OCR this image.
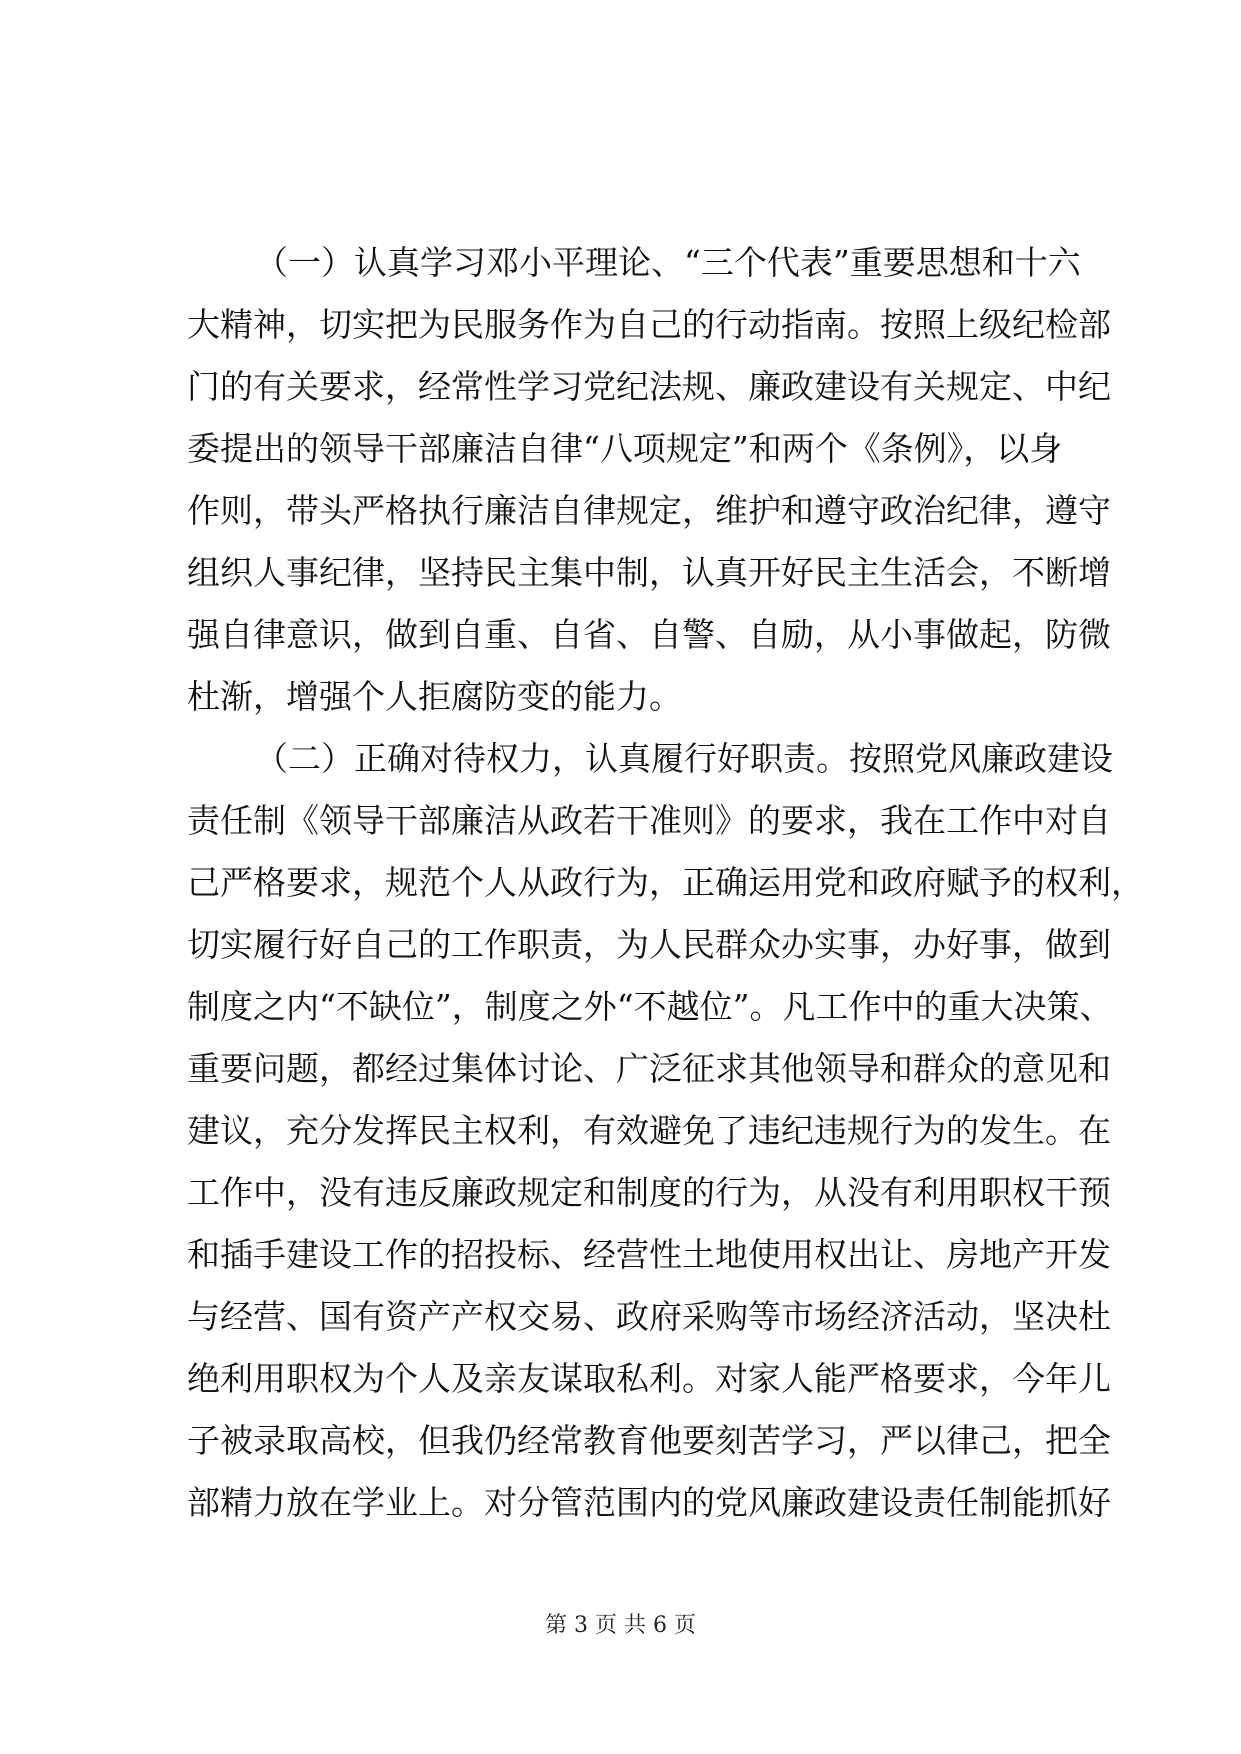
（一）认真学习邓小平理论、“三个代表”重要思想和十六
大精神，切实把为民服务作为自己的行动指南。按照上级纪检部
门的有关要求，经常性学习党纪法规、廉政建设有关规定、中纪
委提出的领导干部廉洁自律“八项规定”和两个《条例》，以身
作则，带头严格执行廉洁自律规定，维护和遵守政治纪律，遵守
组织人事纪律，坚持民主集中制，认真开好民主生活会，不断增
强自律意识，做到自重、自省、自警、自励，从小事做起，防微
杜渐，增强个人拒腐防变的能力。
（二）正确对待权力，认真履行好职责。按照党风廉政建设
责任制《领导干部廉洁从政若干准则》的要求，我在工作中对自
己严格要求，规范个人从政行为，正确运用党和政府赋予的权利，
切实履行好自己的工作职责，为人民群众办实事，办好事，做到
制度之内“不缺位”，制度之外“不越位”。凡工作中的重大决策、
重要问题，都经过集体讨论、广泛征求其他领导和群众的意见和
建议，充分发挥民主权利，有效避免了违纪违规行为的发生。在
工作中，没有违反廉政规定和制度的行为，从没有利用职权干预
和插手建设工作的招投标、经营性土地使用权出让、房地产开发
与经营、国有资产产权交易、政府采购等市场经济活动，坚决杜
绝利用职权为个人及亲友谋取私利。对家人能严格要求，今年儿
子被录取高校，但我仍经常教育他要刻苦学习，严以律己，把全
部精力放在学业上。对分管范围内的党风廉政建设责任制能抓好
第 3 页 共 6 页
